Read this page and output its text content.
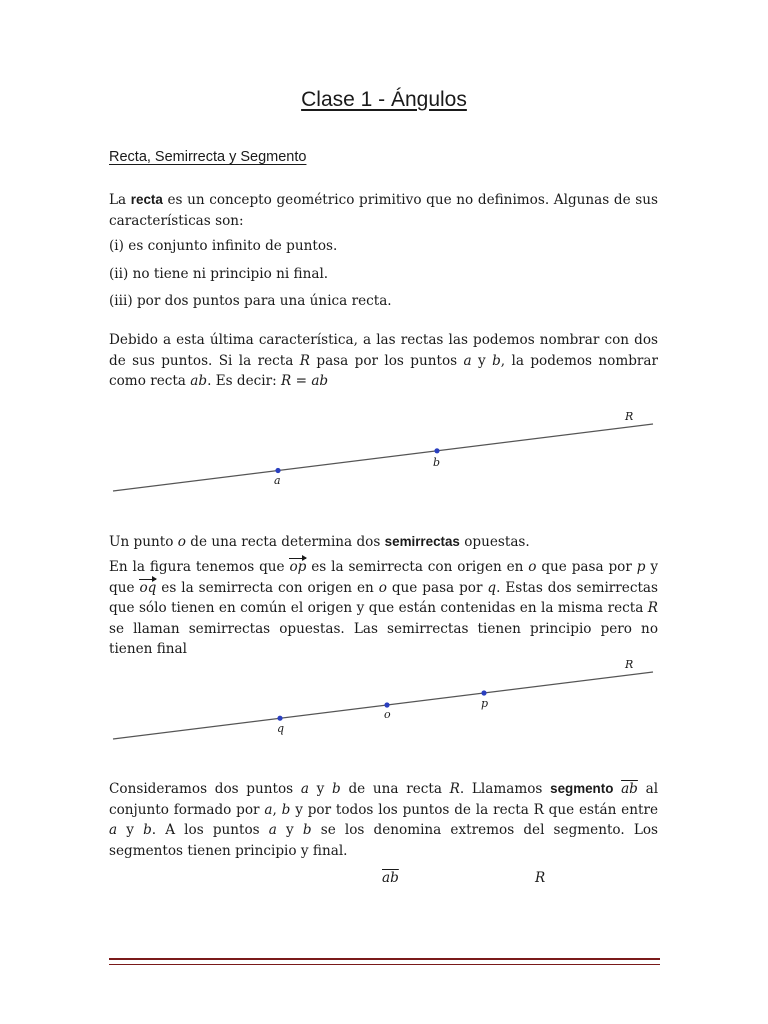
Clase 1 - Ángulos
Recta, Semirrecta y Segmento
La recta es un concepto geométrico primitivo que no definimos. Algunas de sus características son:
(i) es conjunto infinito de puntos.
(ii) no tiene ni principio ni final.
(iii) por dos puntos para una única recta.
Debido a esta última característica, a las rectas las podemos nombrar con dos de sus puntos. Si la recta R pasa por los puntos a y b, la podemos nombrar como recta ab. Es decir: R = ab
a
b
R
Un punto o de una recta determina dos semirrectas opuestas.
En la figura tenemos que op es la semirrecta con origen en o que pasa por p y que oq es la semirrecta con origen en o que pasa por q. Estas dos semirrectas que sólo tienen en común el origen y que están contenidas en la misma recta R se llaman semirrectas opuestas. Las semirrectas tienen principio pero no tienen final
q
o
p
R
Consideramos dos puntos a y b de una recta R. Llamamos segmento $\overline{ab}$ al conjunto formado por a, b y por todos los puntos de la recta R que están entre a y b. A los puntos a y b se los denomina extremos del segmento. Los segmentos tienen principio y final.
$\overline{ab}$	R
